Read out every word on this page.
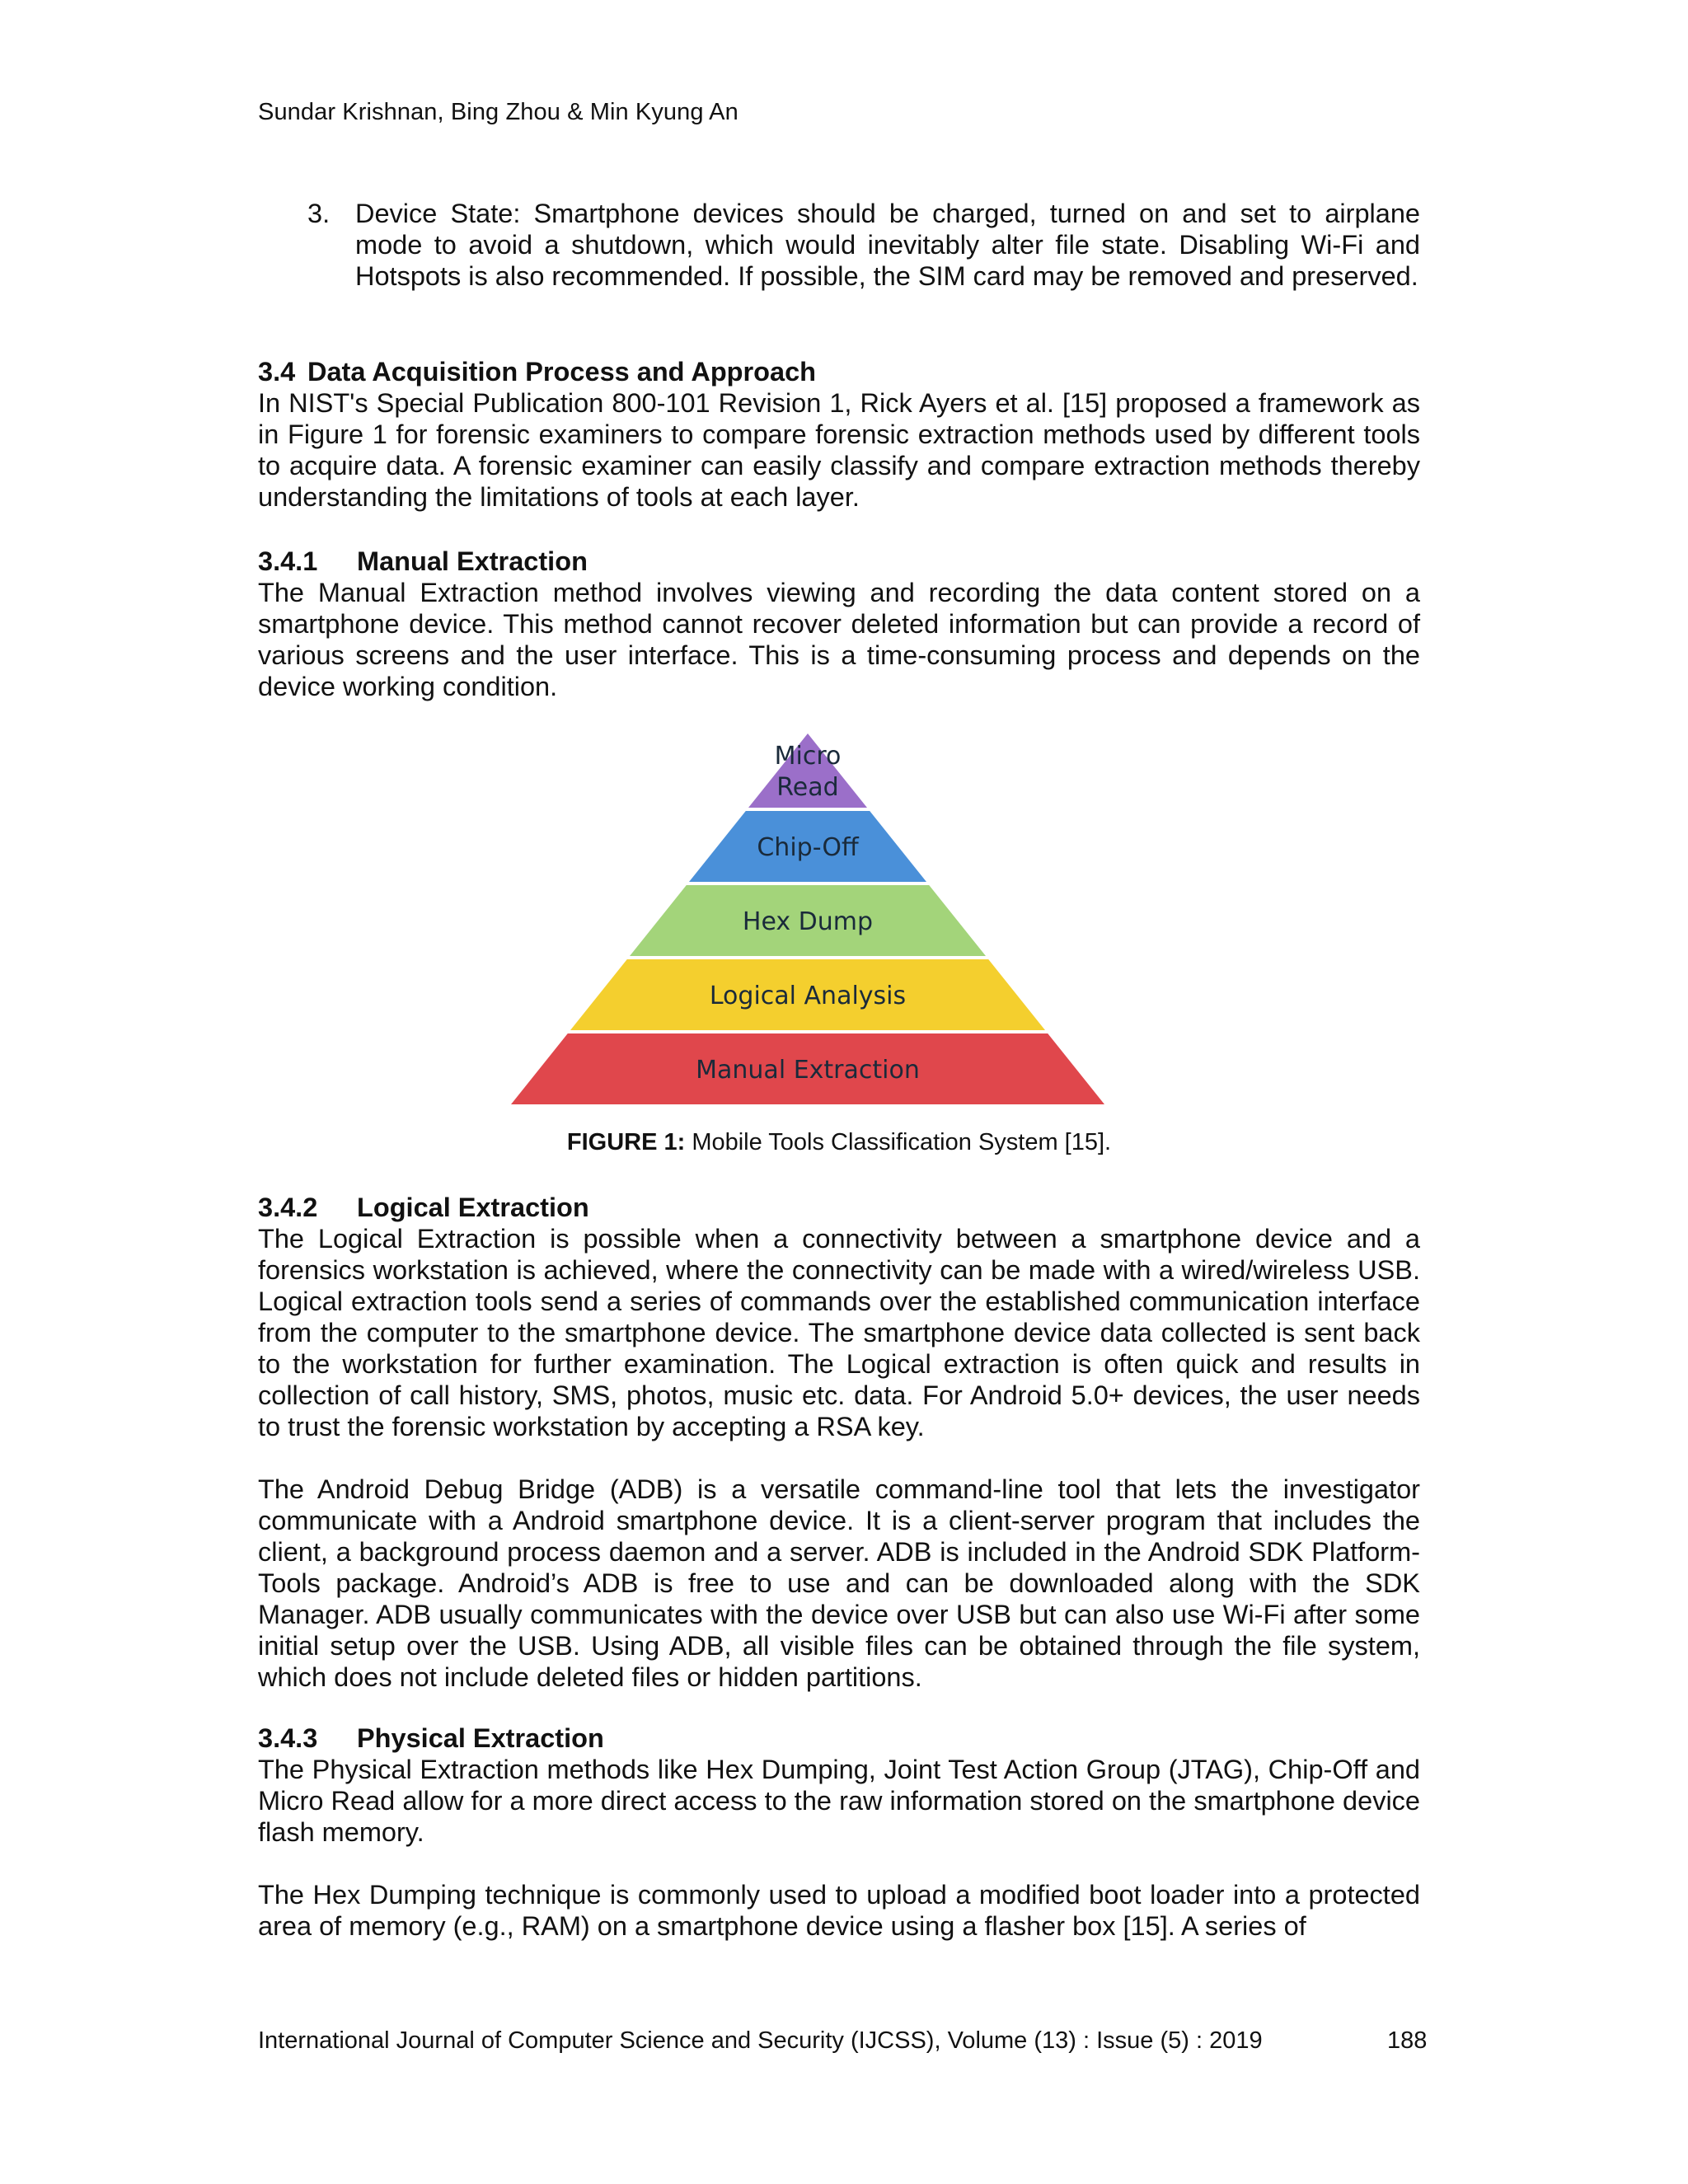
Sundar Krishnan, Bing Zhou & Min Kyung An
3. Device State: Smartphone devices should be charged, turned on and set to airplane mode to avoid a shutdown, which would inevitably alter file state. Disabling Wi-Fi and Hotspots is also recommended. If possible, the SIM card may be removed and preserved.

3.4 Data Acquisition Process and Approach

In NIST's Special Publication 800-101 Revision 1, Rick Ayers et al. [15] proposed a framework as in Figure 1 for forensic examiners to compare forensic extraction methods used by different tools to acquire data. A forensic examiner can easily classify and compare extraction methods thereby understanding the limitations of tools at each layer.

3.4.1 Manual Extraction

The Manual Extraction method involves viewing and recording the data content stored on a smartphone device. This method cannot recover deleted information but can provide a record of various screens and the user interface. This is a time-consuming process and depends on the device working condition.

Micro
Read
Chip-Off
Hex Dump
Logical Analysis
Manual Extraction
FIGURE 1: Mobile Tools Classification System [15].

3.4.2 Logical Extraction

The Logical Extraction is possible when a connectivity between a smartphone device and a forensics workstation is achieved, where the connectivity can be made with a wired/wireless USB. Logical extraction tools send a series of commands over the established communication interface from the computer to the smartphone device. The smartphone device data collected is sent back to the workstation for further examination. The Logical extraction is often quick and results in collection of call history, SMS, photos, music etc. data. For Android 5.0+ devices, the user needs to trust the forensic workstation by accepting a RSA key.

The Android Debug Bridge (ADB) is a versatile command-line tool that lets the investigator communicate with a Android smartphone device. It is a client-server program that includes the client, a background process daemon and a server. ADB is included in the Android SDK Platform-Tools package. Android’s ADB is free to use and can be downloaded along with the SDK Manager. ADB usually communicates with the device over USB but can also use Wi-Fi after some initial setup over the USB. Using ADB, all visible files can be obtained through the file system, which does not include deleted files or hidden partitions.

3.4.3 Physical Extraction

The Physical Extraction methods like Hex Dumping, Joint Test Action Group (JTAG), Chip-Off and Micro Read allow for a more direct access to the raw information stored on the smartphone device flash memory.

The Hex Dumping technique is commonly used to upload a modified boot loader into a protected area of memory (e.g., RAM) on a smartphone device using a flasher box [15]. A series of

International Journal of Computer Science and Security (IJCSS), Volume (13) : Issue (5) : 2019	188
